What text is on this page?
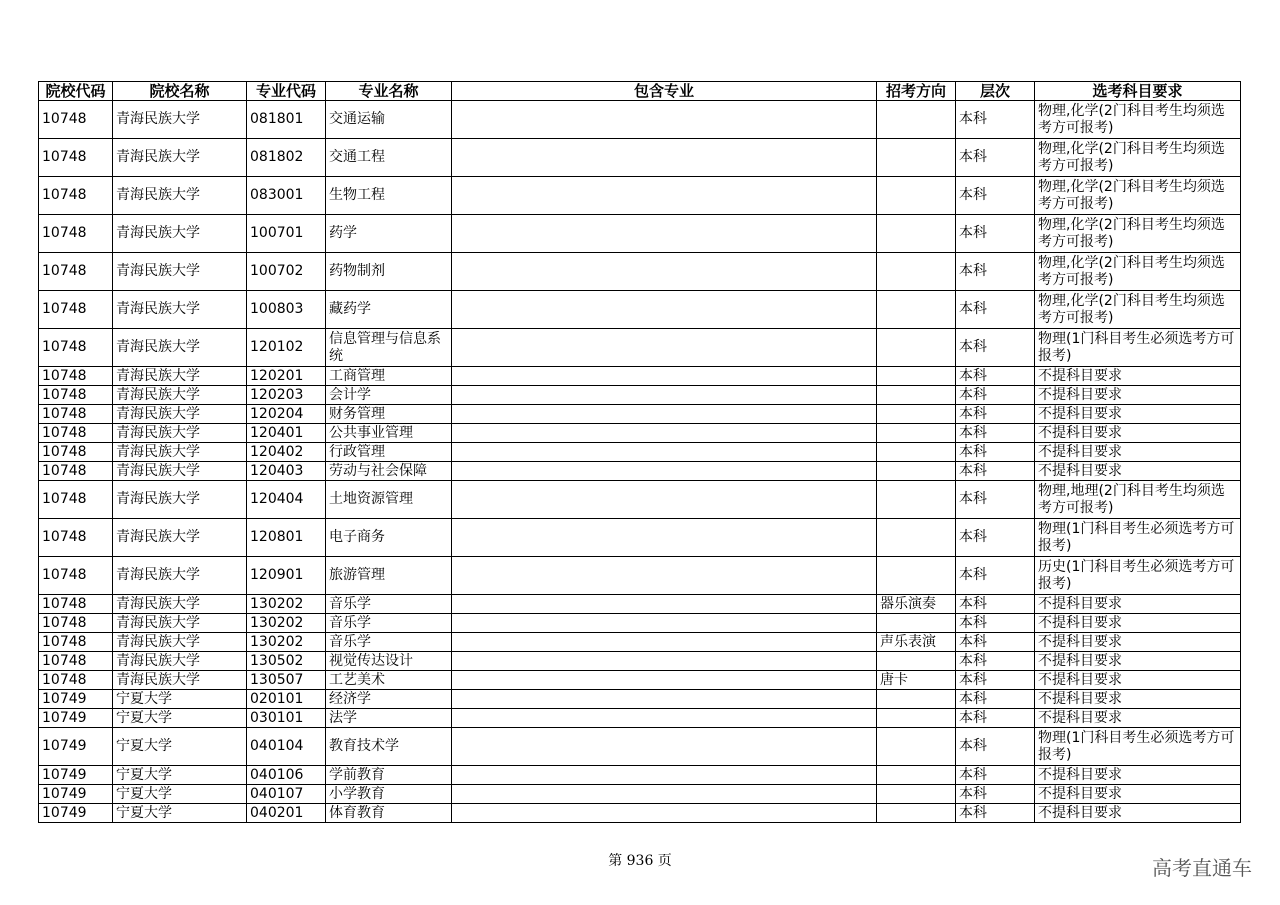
院校代码	院校名称	专业代码	专业名称	包含专业	招考方向	层次	选考科目要求
10748	青海民族大学	081801	交通运输			本科	物理,化学(2门科目考生均须选考方可报考)
10748	青海民族大学	081802	交通工程			本科	物理,化学(2门科目考生均须选考方可报考)
10748	青海民族大学	083001	生物工程			本科	物理,化学(2门科目考生均须选考方可报考)
10748	青海民族大学	100701	药学			本科	物理,化学(2门科目考生均须选考方可报考)
10748	青海民族大学	100702	药物制剂			本科	物理,化学(2门科目考生均须选考方可报考)
10748	青海民族大学	100803	藏药学			本科	物理,化学(2门科目考生均须选考方可报考)
10748	青海民族大学	120102	信息管理与信息系统			本科	物理(1门科目考生必须选考方可报考)
10748	青海民族大学	120201	工商管理			本科	不提科目要求
10748	青海民族大学	120203	会计学			本科	不提科目要求
10748	青海民族大学	120204	财务管理			本科	不提科目要求
10748	青海民族大学	120401	公共事业管理			本科	不提科目要求
10748	青海民族大学	120402	行政管理			本科	不提科目要求
10748	青海民族大学	120403	劳动与社会保障			本科	不提科目要求
10748	青海民族大学	120404	土地资源管理			本科	物理,地理(2门科目考生均须选考方可报考)
10748	青海民族大学	120801	电子商务			本科	物理(1门科目考生必须选考方可报考)
10748	青海民族大学	120901	旅游管理			本科	历史(1门科目考生必须选考方可报考)
10748	青海民族大学	130202	音乐学		器乐演奏	本科	不提科目要求
10748	青海民族大学	130202	音乐学			本科	不提科目要求
10748	青海民族大学	130202	音乐学		声乐表演	本科	不提科目要求
10748	青海民族大学	130502	视觉传达设计			本科	不提科目要求
10748	青海民族大学	130507	工艺美术		唐卡	本科	不提科目要求
10749	宁夏大学	020101	经济学			本科	不提科目要求
10749	宁夏大学	030101	法学			本科	不提科目要求
10749	宁夏大学	040104	教育技术学			本科	物理(1门科目考生必须选考方可报考)
10749	宁夏大学	040106	学前教育			本科	不提科目要求
10749	宁夏大学	040107	小学教育			本科	不提科目要求
10749	宁夏大学	040201	体育教育			本科	不提科目要求
第 936 页	高考直通车
